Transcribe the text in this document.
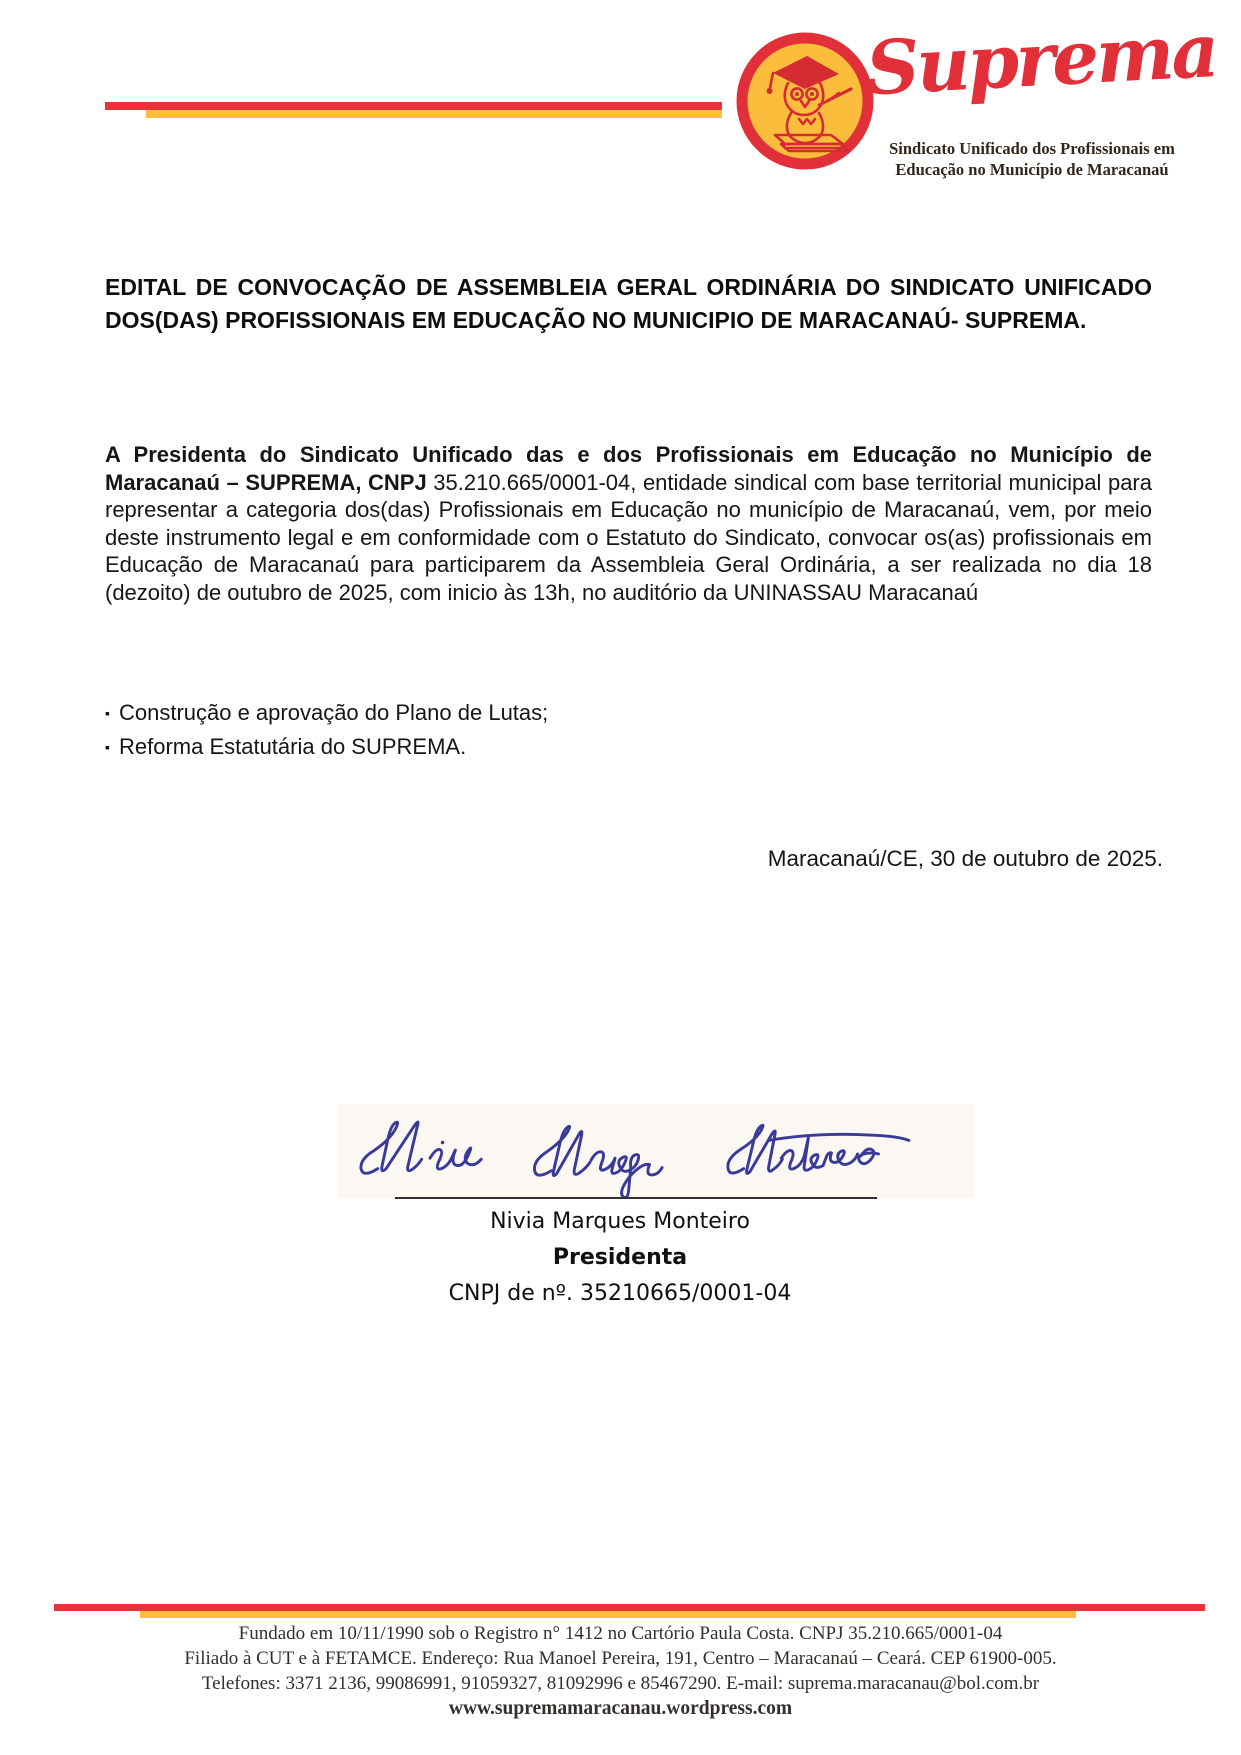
Suprema
Sindicato Unificado dos Profissionais em
Educação no Município de Maracanaú
EDITAL DE CONVOCAÇÃO DE ASSEMBLEIA GERAL ORDINÁRIA DO SINDICATO UNIFICADO DOS(DAS) PROFISSIONAIS EM EDUCAÇÃO NO MUNICIPIO DE MARACANAÚ- SUPREMA.
A Presidenta do Sindicato Unificado das e dos Profissionais em Educação no Município de Maracanaú – SUPREMA, CNPJ 35.210.665/0001-04, entidade sindical com base territorial municipal para representar a categoria dos(das) Profissionais em Educação no município de Maracanaú, vem, por meio deste instrumento legal e em conformidade com o Estatuto do Sindicato, convocar os(as) profissionais em Educação de Maracanaú para participarem da Assembleia Geral Ordinária, a ser realizada no dia 18 (dezoito) de outubro de 2025, com inicio às 13h, no auditório da UNINASSAU Maracanaú
▪ Construção e aprovação do Plano de Lutas;
▪ Reforma Estatutária do SUPREMA.
Maracanaú/CE, 30 de outubro de 2025.
Nivia Marques Monteiro
Presidenta
CNPJ de nº. 35210665/0001-04
Fundado em 10/11/1990 sob o Registro n° 1412 no Cartório Paula Costa. CNPJ 35.210.665/0001-04
Filiado à CUT e à FETAMCE. Endereço: Rua Manoel Pereira, 191, Centro – Maracanaú – Ceará. CEP 61900-005.
Telefones: 3371 2136, 99086991, 91059327, 81092996 e 85467290. E-mail: suprema.maracanau@bol.com.br
www.supremamaracanau.wordpress.com
